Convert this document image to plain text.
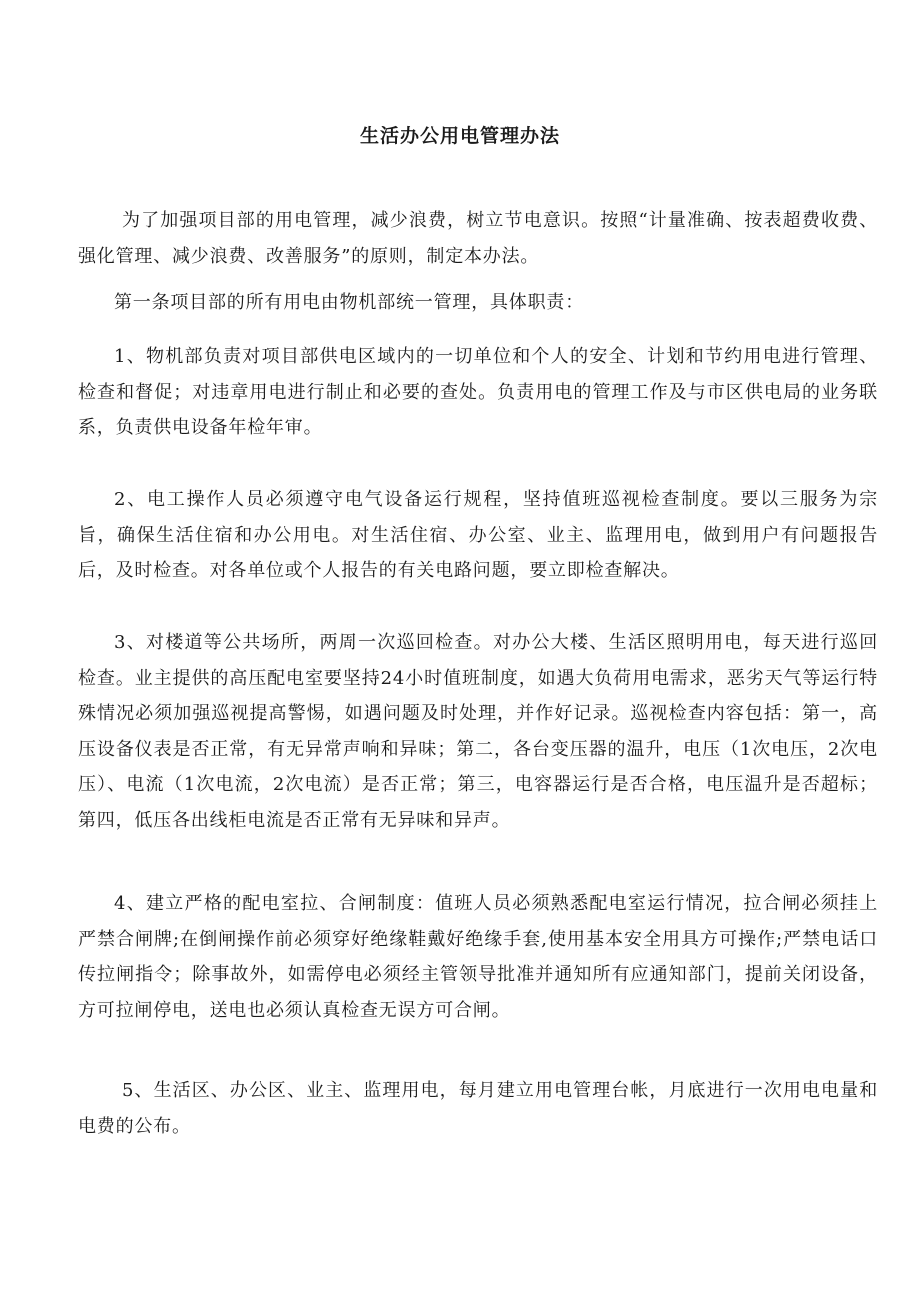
生活办公用电管理办法
为了加强项目部的用电管理，减少浪费，树立节电意识。按照“计量准确、按表超费收费、强化管理、减少浪费、改善服务”的原则，制定本办法。
第一条项目部的所有用电由物机部统一管理，具体职责：
1、物机部负责对项目部供电区域内的一切单位和个人的安全、计划和节约用电进行管理、检查和督促；对违章用电进行制止和必要的查处。负责用电的管理工作及与市区供电局的业务联系，负责供电设备年检年审。
2、电工操作人员必须遵守电气设备运行规程，坚持值班巡视检查制度。要以三服务为宗旨，确保生活住宿和办公用电。对生活住宿、办公室、业主、监理用电，做到用户有问题报告后，及时检查。对各单位或个人报告的有关电路问题，要立即检查解决。
3、对楼道等公共场所，两周一次巡回检查。对办公大楼、生活区照明用电，每天进行巡回检查。业主提供的高压配电室要坚持24小时值班制度，如遇大负荷用电需求，恶劣天气等运行特殊情况必须加强巡视提高警惕，如遇问题及时处理，并作好记录。巡视检查内容包括：第一，高压设备仪表是否正常，有无异常声响和异味；第二，各台变压器的温升，电压（1次电压，2次电压）、电流（1次电流，2次电流）是否正常；第三，电容器运行是否合格，电压温升是否超标；第四，低压各出线柜电流是否正常有无异味和异声。
4、建立严格的配电室拉、合闸制度：值班人员必须熟悉配电室运行情况，拉合闸必须挂上严禁合闸牌;在倒闸操作前必须穿好绝缘鞋戴好绝缘手套,使用基本安全用具方可操作;严禁电话口传拉闸指令；除事故外，如需停电必须经主管领导批准并通知所有应通知部门，提前关闭设备，方可拉闸停电，送电也必须认真检查无误方可合闸。
5、生活区、办公区、业主、监理用电，每月建立用电管理台帐，月底进行一次用电电量和电费的公布。
